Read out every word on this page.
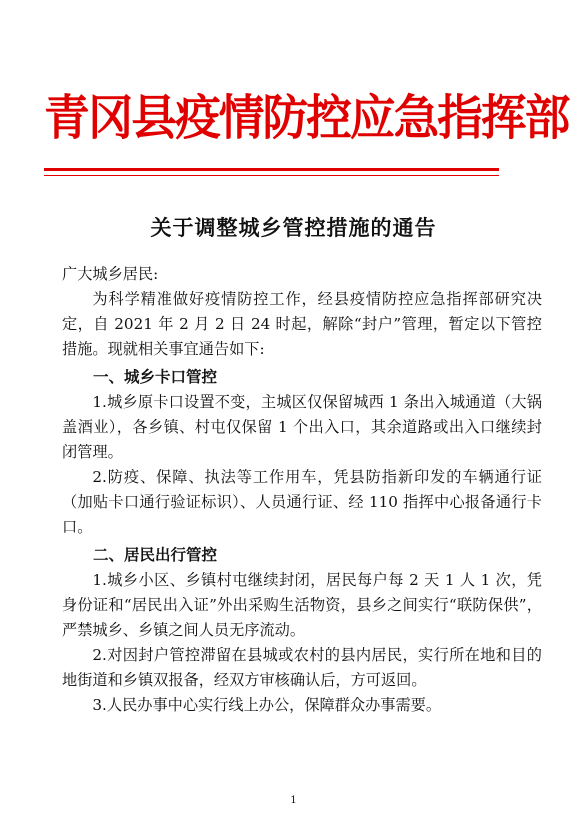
青冈县疫情防控应急指挥部
关于调整城乡管控措施的通告

广大城乡居民:

为科学精准做好疫情防控工作，经县疫情防控应急指挥部研究决定，自 2021 年 2 月 2 日 24 时起，解除“封户”管理，暂定以下管控措施。现就相关事宜通告如下:

一、城乡卡口管控

1.城乡原卡口设置不变，主城区仅保留城西 1 条出入城通道（大锅盖酒业），各乡镇、村屯仅保留 1 个出入口，其余道路或出入口继续封闭管理。

2.防疫、保障、执法等工作用车，凭县防指新印发的车辆通行证（加贴卡口通行验证标识）、人员通行证、经 110 指挥中心报备通行卡口。

二、居民出行管控

1.城乡小区、乡镇村屯继续封闭，居民每户每 2 天 1 人 1 次，凭身份证和“居民出入证”外出采购生活物资，县乡之间实行“联防保供”，严禁城乡、乡镇之间人员无序流动。

2.对因封户管控滞留在县城或农村的县内居民，实行所在地和目的地街道和乡镇双报备，经双方审核确认后，方可返回。

3.人民办事中心实行线上办公，保障群众办事需要。

1
